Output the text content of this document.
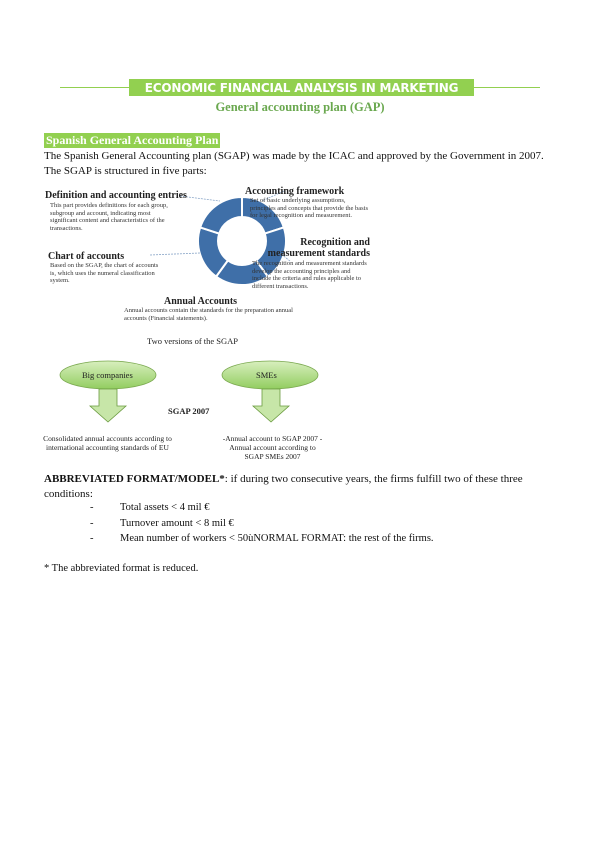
ECONOMIC FINANCIAL ANALYSIS IN MARKETING
General accounting plan (GAP)
Spanish General Accounting Plan
The Spanish General Accounting plan (SGAP) was made by the ICAC and approved by the Government in 2007. The SGAP is structured in five parts:
Definition and accounting entries
This part provides definitions for each group, subgroup and account, indicating most significant content and characteristics of the transactions.
Accounting framework
Set of basic underlying assumptions, principles and concepts that provide the basis for legal recognition and measurement.
Recognition and measurement standards
The recognition and measurement standards develop the accounting principles and include the criteria and rules applicable to different transactions.
Chart of accounts
Based on the SGAP, the chart of accounts is, which uses the numeral classification system.
Annual Accounts
Annual accounts contain the standards for the preparation annual accounts (Financial statements).
Two versions of the SGAP
Big companies	SMEs
SGAP 2007
Consolidated annual accounts according to international accounting standards of EU
-Annual account to SGAP 2007 -Annual account according to SGAP SMEs 2007
ABBREVIATED FORMAT/MODEL*: if during two consecutive years, the firms fulfill two of these three conditions:
-	Total assets < 4 mil €
-	Turnover amount < 8 mil €
-	Mean number of workers < 50ùNORMAL FORMAT: the rest of the firms.
* The abbreviated format is reduced.
